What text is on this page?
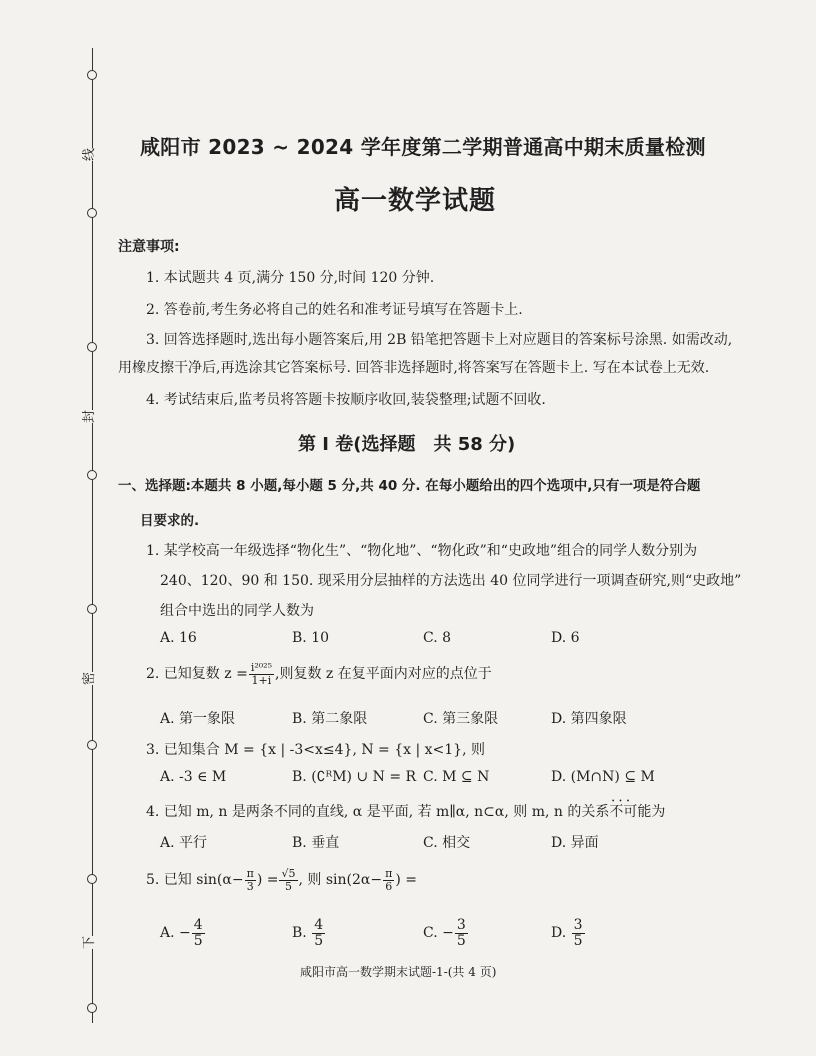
线
封
密
下
咸阳市 2023 ~ 2024 学年度第二学期普通高中期末质量检测
高一数学试题
注意事项:
1. 本试题共 4 页,满分 150 分,时间 120 分钟.
2. 答卷前,考生务必将自己的姓名和准考证号填写在答题卡上.
3. 回答选择题时,选出每小题答案后,用 2B 铅笔把答题卡上对应题目的答案标号涂黑. 如需改动,
用橡皮擦干净后,再选涂其它答案标号. 回答非选择题时,将答案写在答题卡上. 写在本试卷上无效.
4. 考试结束后,监考员将答题卡按顺序收回,装袋整理;试题不回收.
第 Ⅰ 卷(选择题　共 58 分)
一、选择题:本题共 8 小题,每小题 5 分,共 40 分. 在每小题给出的四个选项中,只有一项是符合题
目要求的.
1. 某学校高一年级选择“物化生”、“物化地”、“物化政”和“史政地”组合的同学人数分别为
240、120、90 和 150. 现采用分层抽样的方法选出 40 位同学进行一项调查研究,则“史政地”
组合中选出的同学人数为
A. 16	B. 10	C. 8	D. 6
2. 已知复数 $z = \frac{\text{i²⁰²⁵}}{1+i}$ ,则复数 z 在复平面内对应的点位于
A. 第一象限	B. 第二象限	C. 第三象限	D. 第四象限
3. 已知集合 M = {x | -3<x≤4}, N = {x | x<1}, 则
A. -3 ∈ M	B. (∁ᴿM) ∪ N = R C. M ⊆ N	D. (M∩N) ⊆ M
4. 已知 m, n 是两条不同的直线, α 是平面, 若 m∥α, n⊂α, 则 m, n 的关系不可能 • • •为
A. 平行	B. 垂直	C. 相交	D. 异面
5. 已知 $\sin(\alpha- \frac{\pi}{3}$ ) = $\frac{√5}{5}$ , 则 $\sin(2\alpha- \frac{\pi}{6}$ ) =
A. − $\frac{4}{5}$	B. $\frac{4}{5}$	C. − $\frac{3}{5}$	D. $\frac{3}{5}$
咸阳市高一数学期末试题-1-(共 4 页)
